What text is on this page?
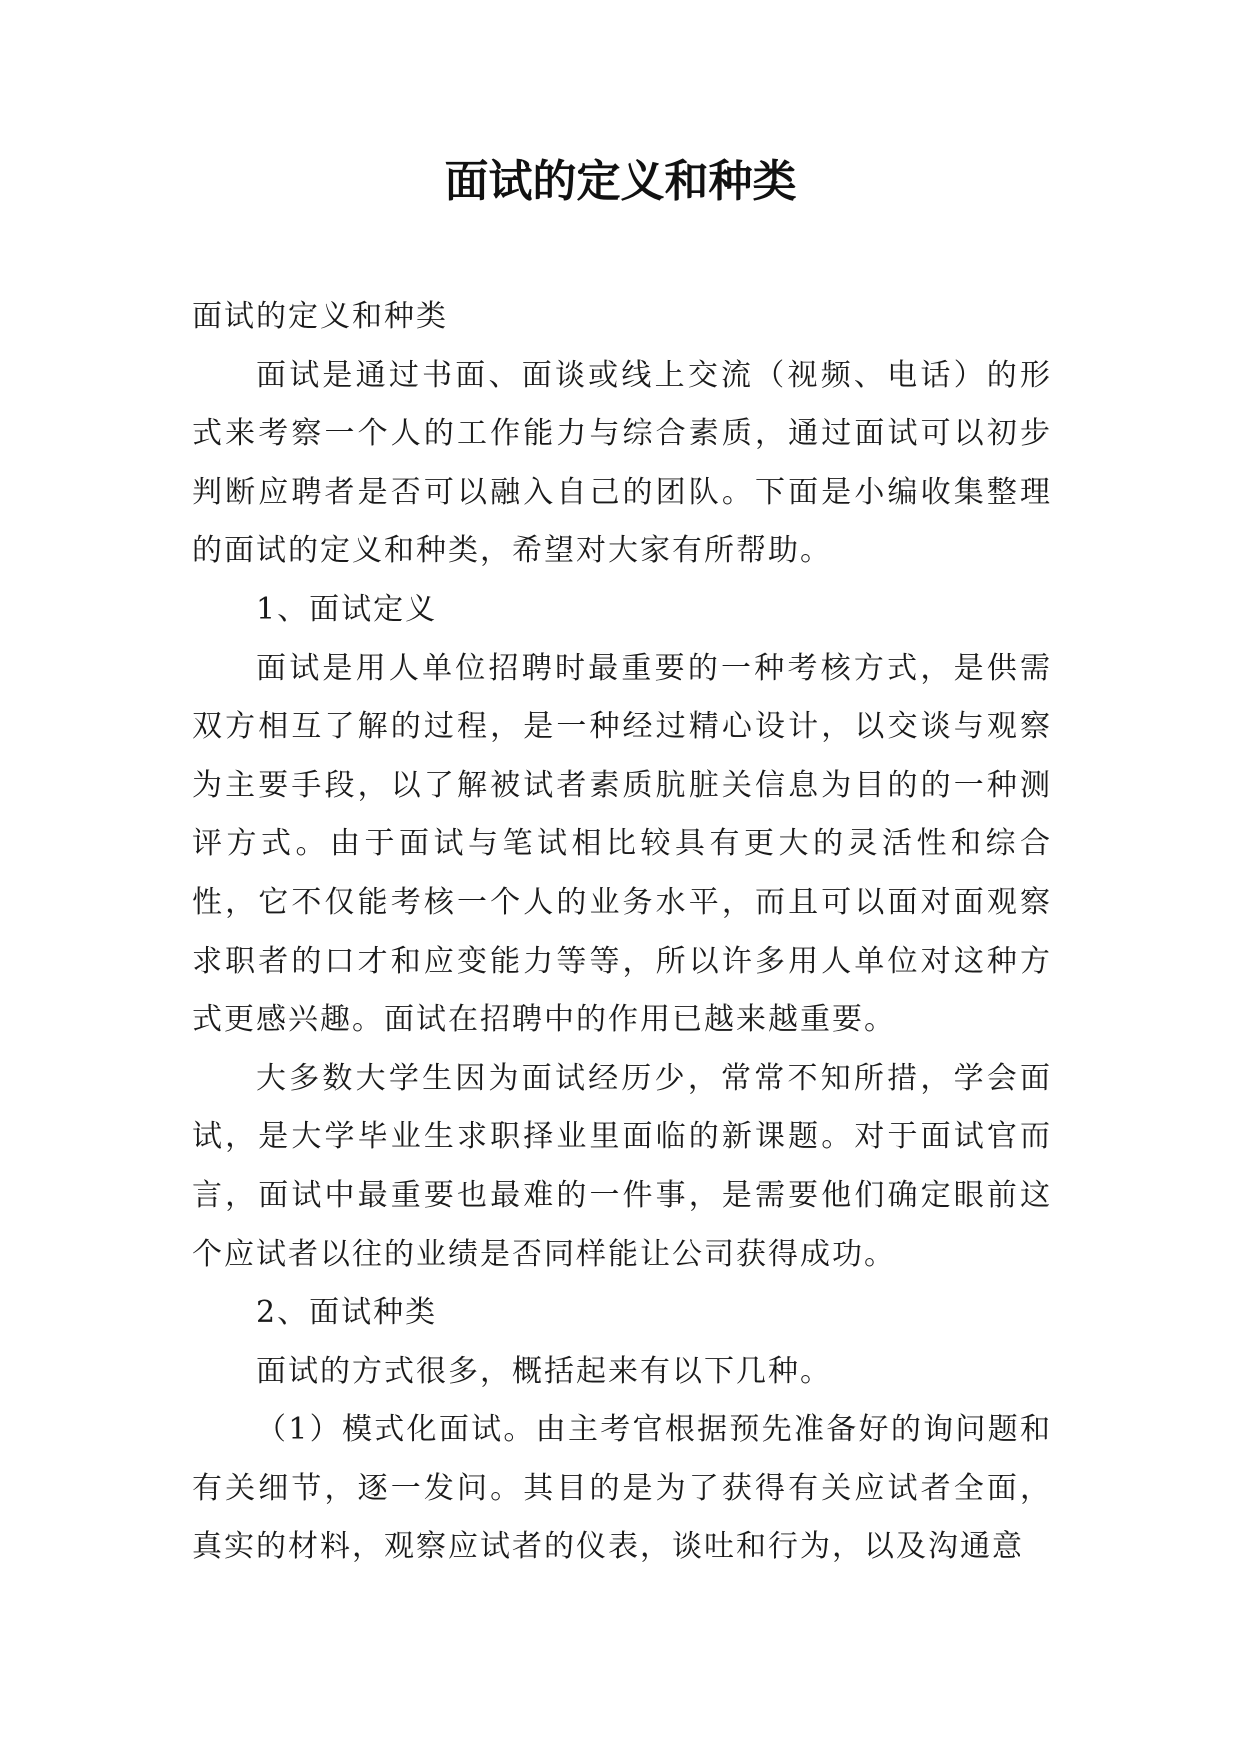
面试的定义和种类

面试的定义和种类

面试是通过书面、面谈或线上交流（视频、电话）的形式来考察一个人的工作能力与综合素质，通过面试可以初步判断应聘者是否可以融入自己的团队。下面是小编收集整理的面试的定义和种类，希望对大家有所帮助。

1、面试定义

面试是用人单位招聘时最重要的一种考核方式，是供需双方相互了解的过程，是一种经过精心设计，以交谈与观察为主要手段，以了解被试者素质肮脏关信息为目的的一种测评方式。由于面试与笔试相比较具有更大的灵活性和综合性，它不仅能考核一个人的业务水平，而且可以面对面观察求职者的口才和应变能力等等，所以许多用人单位对这种方式更感兴趣。面试在招聘中的作用已越来越重要。

大多数大学生因为面试经历少，常常不知所措，学会面试，是大学毕业生求职择业里面临的新课题。对于面试官而言，面试中最重要也最难的一件事，是需要他们确定眼前这个应试者以往的业绩是否同样能让公司获得成功。

2、面试种类

面试的方式很多，概括起来有以下几种。

（1）模式化面试。由主考官根据预先准备好的询问题和有关细节，逐一发问。其目的是为了获得有关应试者全面，真实的材料，观察应试者的仪表，谈吐和行为，以及沟通意
